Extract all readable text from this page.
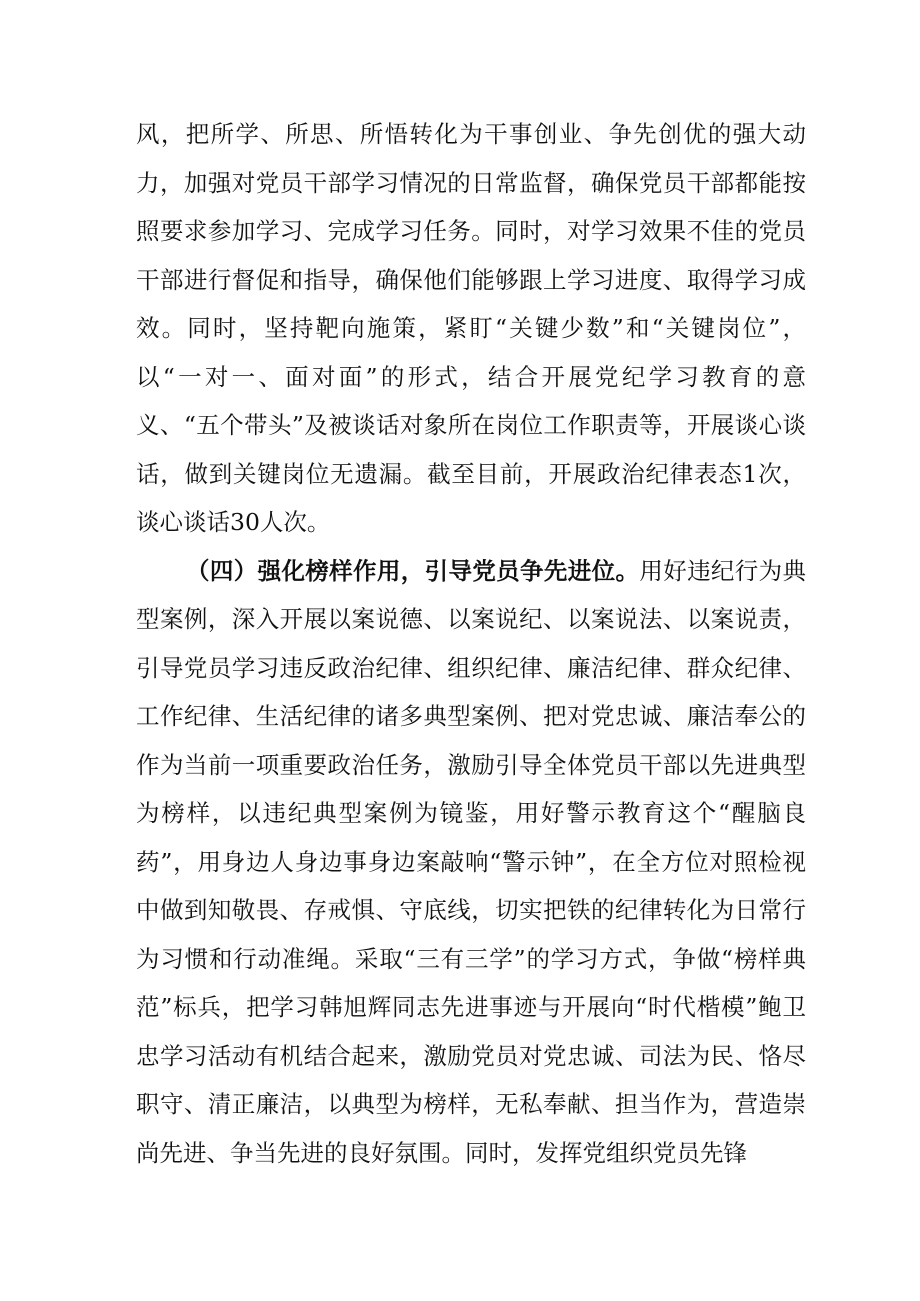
风，把所学、所思、所悟转化为干事创业、争先创优的强大动力，加强对党员干部学习情况的日常监督，确保党员干部都能按照要求参加学习、完成学习任务。同时，对学习效果不佳的党员干部进行督促和指导，确保他们能够跟上学习进度、取得学习成效。同时，坚持靶向施策，紧盯“关键少数”和“关键岗位”，以“一对一、面对面”的形式，结合开展党纪学习教育的意义、“五个带头”及被谈话对象所在岗位工作职责等，开展谈心谈话，做到关键岗位无遗漏。截至目前，开展政治纪律表态1次，谈心谈话30人次。

（四）强化榜样作用，引导党员争先进位。用好违纪行为典型案例，深入开展以案说德、以案说纪、以案说法、以案说责，引导党员学习违反政治纪律、组织纪律、廉洁纪律、群众纪律、工作纪律、生活纪律的诸多典型案例、把对党忠诚、廉洁奉公的作为当前一项重要政治任务，激励引导全体党员干部以先进典型为榜样，以违纪典型案例为镜鉴，用好警示教育这个“醒脑良药”，用身边人身边事身边案敲响“警示钟”，在全方位对照检视中做到知敬畏、存戒惧、守底线，切实把铁的纪律转化为日常行为习惯和行动准绳。采取“三有三学”的学习方式，争做“榜样典范”标兵，把学习韩旭辉同志先进事迹与开展向“时代楷模”鲍卫忠学习活动有机结合起来，激励党员对党忠诚、司法为民、恪尽职守、清正廉洁，以典型为榜样，无私奉献、担当作为，营造崇尚先进、争当先进的良好氛围。同时，发挥党组织党员先锋
